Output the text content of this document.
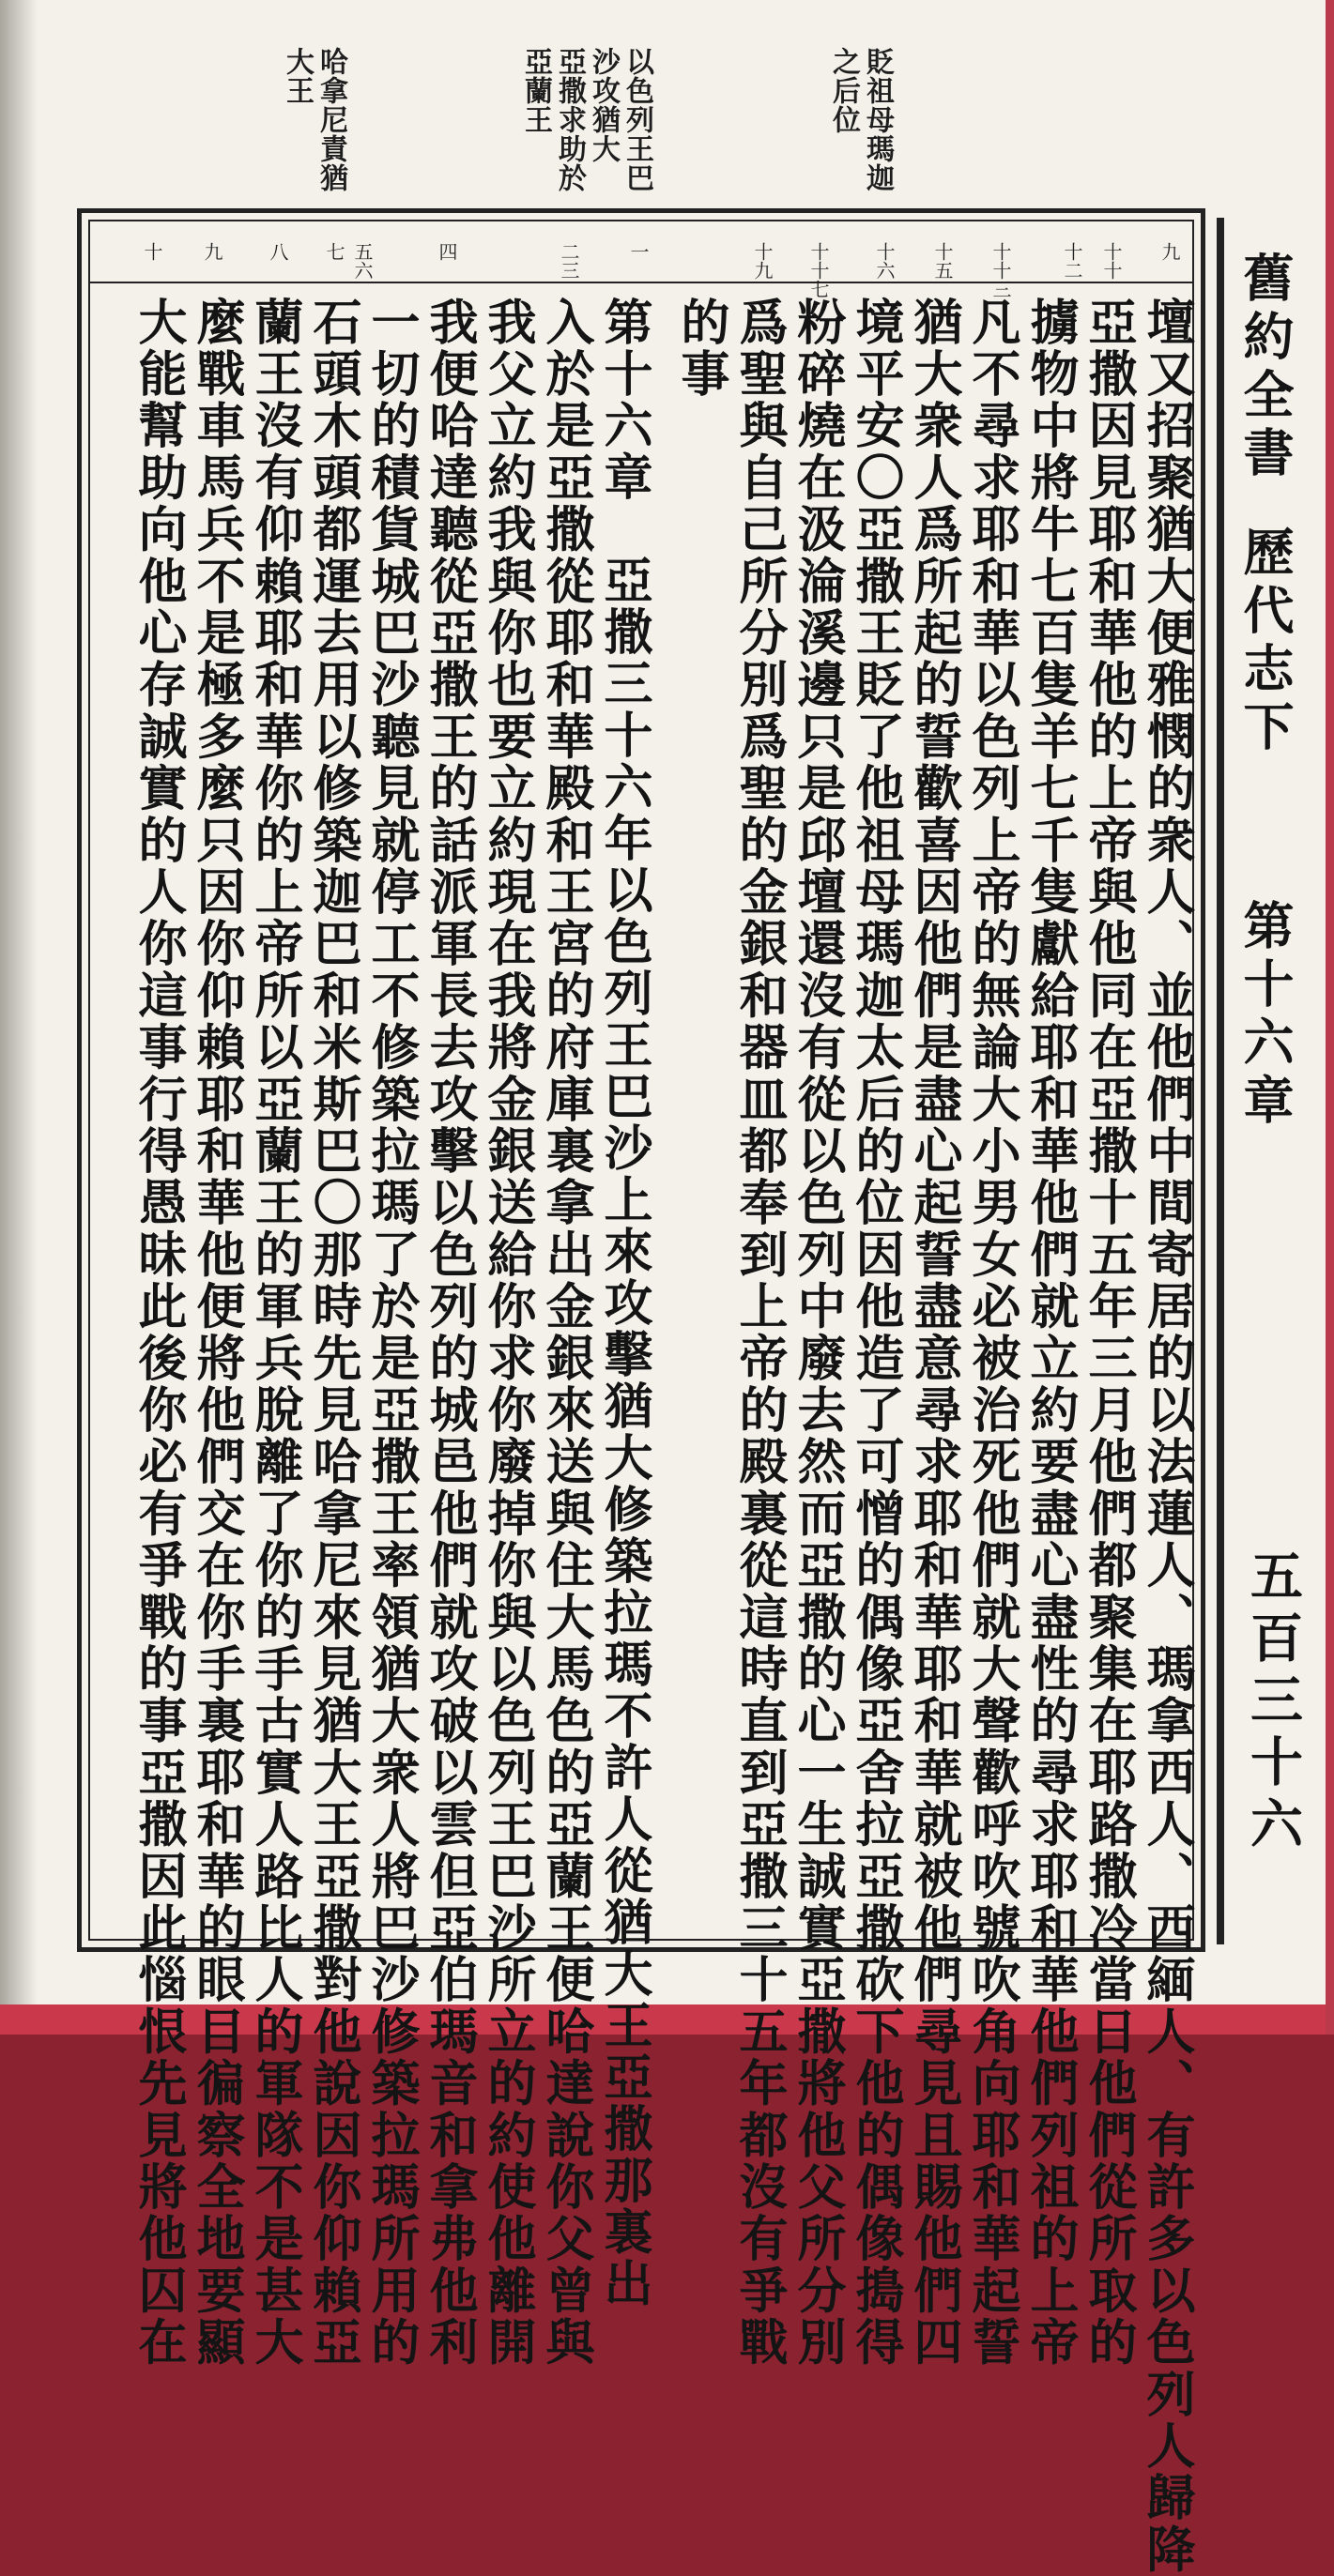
貶祖母瑪迦
之后位
以色列王巴
沙攻猶大
亞撒求助於
亞蘭王
哈拿尼責猶
大王
舊約全書
歷代志下
第十六章
五百三十六
九
十十
十二
十十三
十五
十六
十十七
十九
一
二三
四
五六
七
八
九
十
壇又招聚猶大便雅憫的衆人、並他們中間寄居的以法蓮人、瑪拿西人、西緬人、有許多以色列人歸降
亞撒因見耶和華他的上帝與他同在亞撒十五年三月他們都聚集在耶路撒冷當日他們從所取的
擄物中將牛七百隻羊七千隻獻給耶和華他們就立約要盡心盡性的尋求耶和華他們列祖的上帝
凡不尋求耶和華以色列上帝的無論大小男女必被治死他們就大聲歡呼吹號吹角向耶和華起誓
猶大衆人爲所起的誓歡喜因他們是盡心起誓盡意尋求耶和華耶和華就被他們尋見且賜他們四
境平安〇亞撒王貶了他祖母瑪迦太后的位因他造了可憎的偶像亞舍拉亞撒砍下他的偶像搗得
粉碎燒在汲淪溪邊只是邱壇還沒有從以色列中廢去然而亞撒的心一生誠實亞撒將他父所分別
爲聖與自己所分別爲聖的金銀和器皿都奉到上帝的殿裏從這時直到亞撒三十五年都沒有爭戰
的事
第十六章　亞撒三十六年以色列王巴沙上來攻擊猶大修築拉瑪不許人從猶大王亞撒那裏出
入於是亞撒從耶和華殿和王宮的府庫裏拿出金銀來送與住大馬色的亞蘭王便哈達說你父曾與
我父立約我與你也要立約現在我將金銀送給你求你廢掉你與以色列王巴沙所立的約使他離開
我便哈達聽從亞撒王的話派軍長去攻擊以色列的城邑他們就攻破以雲但亞伯瑪音和拿弗他利
一切的積貨城巴沙聽見就停工不修築拉瑪了於是亞撒王率領猶大衆人將巴沙修築拉瑪所用的
石頭木頭都運去用以修築迦巴和米斯巴〇那時先見哈拿尼來見猶大王亞撒對他說因你仰賴亞
蘭王沒有仰賴耶和華你的上帝所以亞蘭王的軍兵脫離了你的手古實人路比人的軍隊不是甚大
麼戰車馬兵不是極多麼只因你仰賴耶和華他便將他們交在你手裏耶和華的眼目徧察全地要顯
大能幫助向他心存誠實的人你這事行得愚昧此後你必有爭戰的事亞撒因此惱恨先見將他囚在
